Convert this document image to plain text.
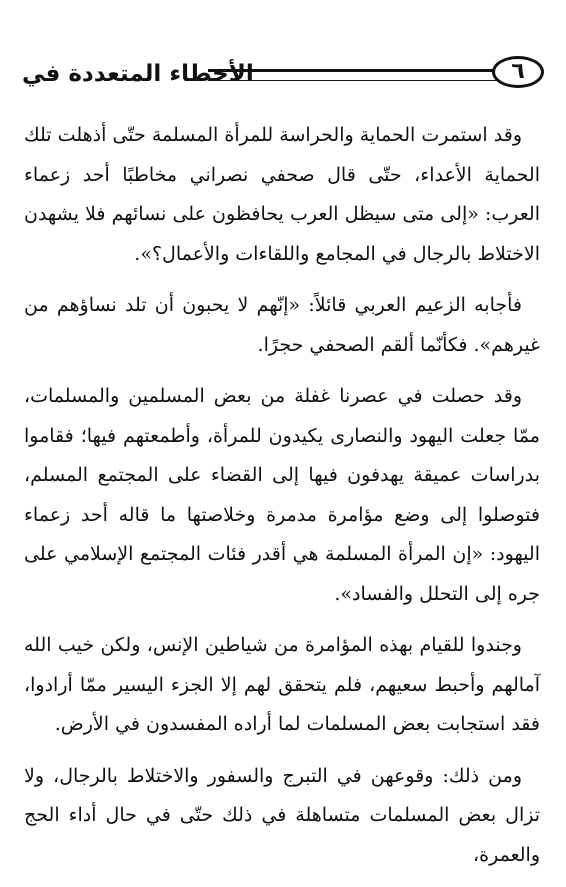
الأخطاء المتعددة في	٦

وقد استمرت الحماية والحراسة للمرأة المسلمة حتّى أذهلت تلك الحماية الأعداء، حتّى قال صحفي نصراني مخاطبًا أحد زعماء العرب: «إلى متى سيظل العرب يحافظون على نسائهم فلا يشهدن الاختلاط بالرجال في المجامع واللقاءات والأعمال؟».

فأجابه الزعيم العربي قائلاً: «إنّهم لا يحبون أن تلد نساؤهم من غيرهم». فكأنّما ألقم الصحفي حجرًا.

وقد حصلت في عصرنا غفلة من بعض المسلمين والمسلمات، ممّا جعلت اليهود والنصارى يكيدون للمرأة، وأطمعتهم فيها؛ فقاموا بدراسات عميقة يهدفون فيها إلى القضاء على المجتمع المسلم، فتوصلوا إلى وضع مؤامرة مدمرة وخلاصتها ما قاله أحد زعماء اليهود: «إن المرأة المسلمة هي أقدر فئات المجتمع الإسلامي على جره إلى التحلل والفساد».

وجندوا للقيام بهذه المؤامرة من شياطين الإنس، ولكن خيب الله آمالهم وأحبط سعيهم، فلم يتحقق لهم إلا الجزء اليسير ممّا أرادوا، فقد استجابت بعض المسلمات لما أراده المفسدون في الأرض.

ومن ذلك: وقوعهن في التبرج والسفور والاختلاط بالرجال، ولا تزال بعض المسلمات متساهلة في ذلك حتّى في حال أداء الحج والعمرة،
